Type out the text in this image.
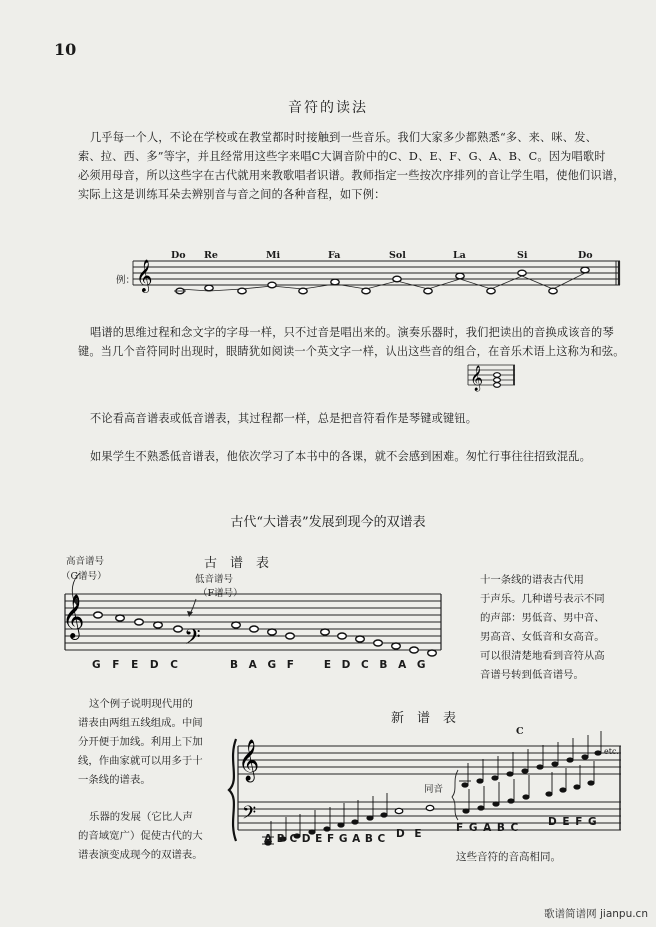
10
音符的读法
几乎每一个人，不论在学校或在教堂都时时接触到一些音乐。我们大家多少都熟悉“多、来、咪、发、
索、拉、西、多”等字，并且经常用这些字来唱C大调音阶中的C、D、E、F、G、A、B、C。因为唱歌时
必须用母音，所以这些字在古代就用来教歌唱者识谱。教师指定一些按次序排列的音让学生唱，使他们识谱，
实际上这是训练耳朵去辨别音与音之间的各种音程，如下例：
例：
Do Re	Mi	Fa	Sol	La	Si	Do
𝄞
𝄞
唱谱的思维过程和念文字的字母一样，只不过音是唱出来的。演奏乐器时，我们把读出的音换成该音的琴
键。当几个音符同时出现时，眼睛犹如阅读一个英文字一样，认出这些音的组合，在音乐术语上这称为和弦。
不论看高音谱表或低音谱表，其过程都一样，总是把音符看作是琴键或键钮。
如果学生不熟悉低音谱表，他依次学习了本书中的各课，就不会感到困难。匆忙行事往往招致混乱。
古代“大谱表”发展到现今的双谱表
古　谱　表
高音谱号
（G谱号）	低音谱号
（F谱号）
𝄞
𝄢
G F E D C	B A G F   E D C B A G
十一条线的谱表古代用
于声乐。几种谱号表示不同
的声部：男低音、男中音、
男高音、女低音和女高音。
可以很清楚地看到音符从高
音谱号转到低音谱号。
这个例子说明现代用的
谱表由两组五线组成。中间
分开便于加线。利用上下加
线，作曲家就可以用多于十
一条线的谱表。
乐器的发展（它比人声
的音域宽广）促使古代的大
谱表演变成现今的双谱表。
新　谱　表
C
同音
etc.
𝄞
𝄢
A B C D E F G A B C D E	F G A B C	D E F G
这些音符的音高相同。
歌谱简谱网 jianpu.cn
